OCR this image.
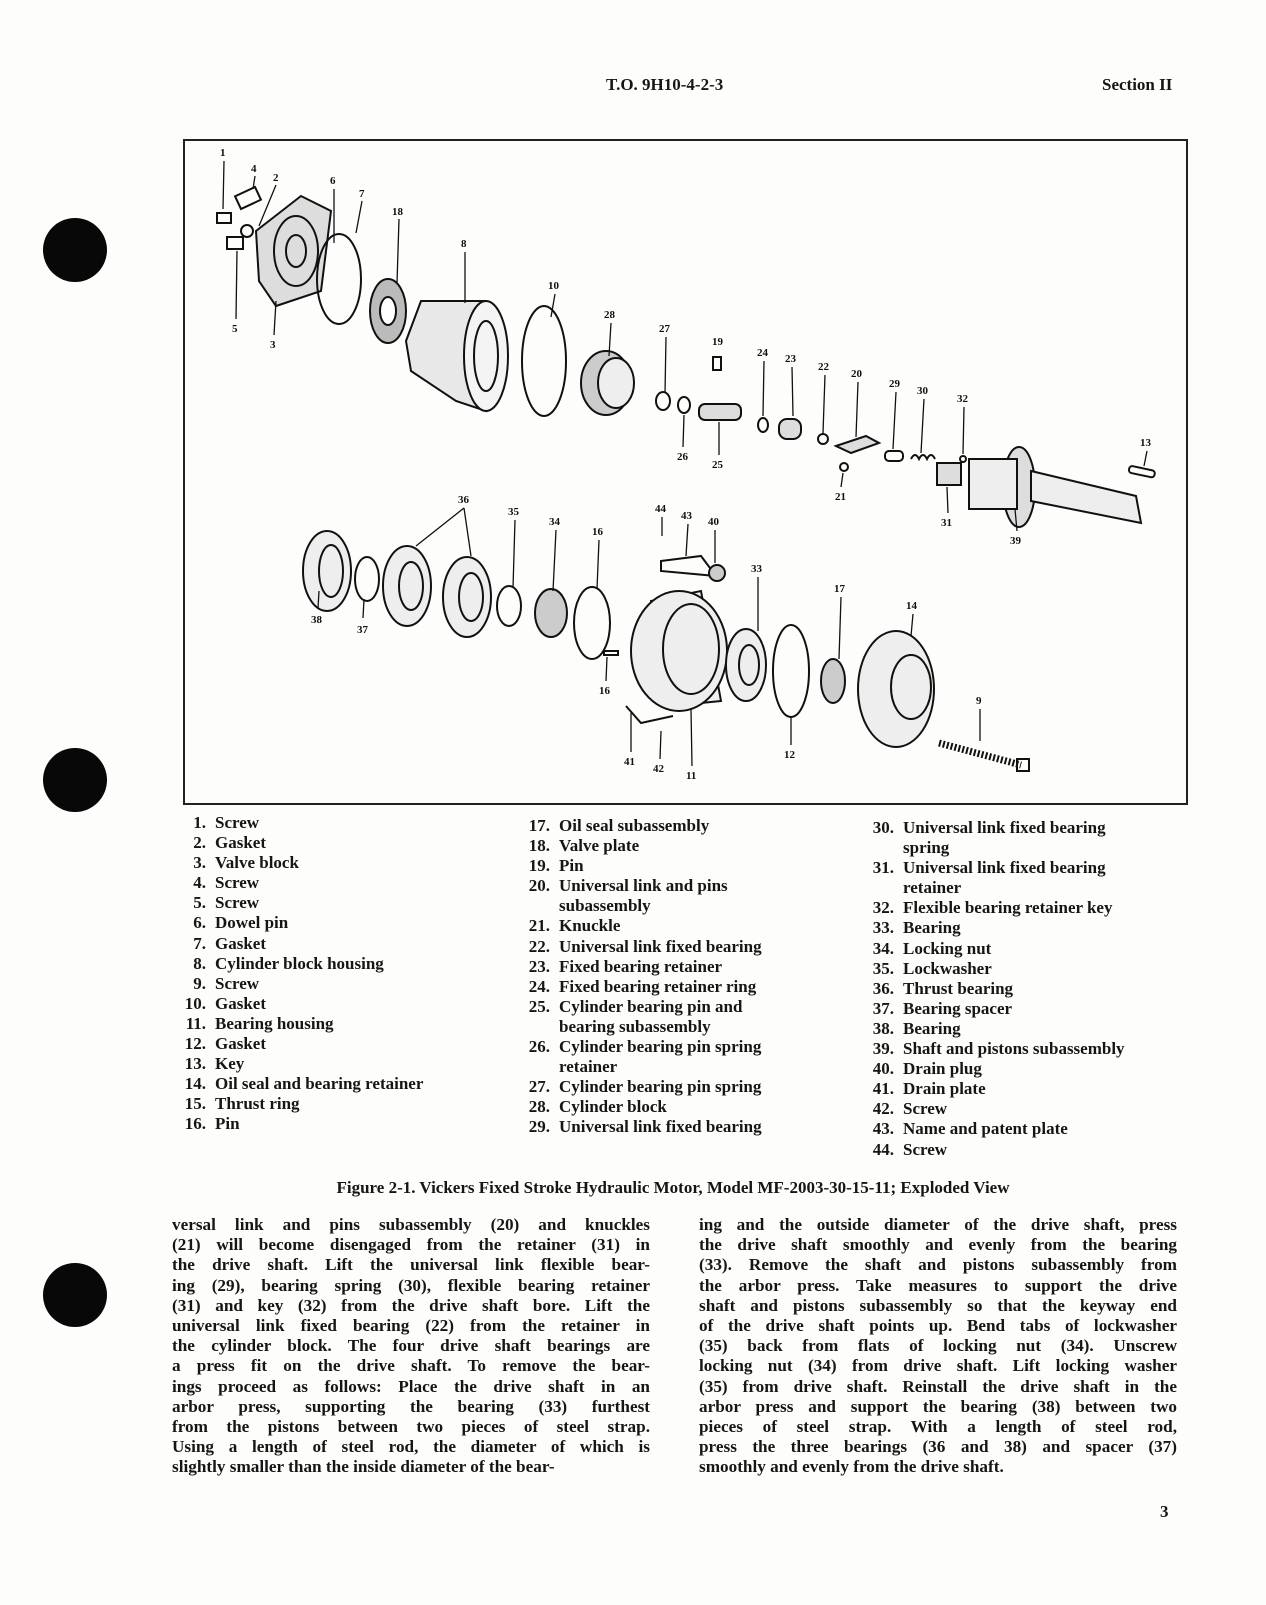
T.O. 9H10-4-2-3	Section II
1
4
2	6
7
18
8
5
3
10
28
27
19
24 23
22
20
29
30
32
13
26
25
21
31
39
36
35
34
16
44
43 40
33
17
14
38
37
16
9
12
41
42
11
1. Screw
2. Gasket
3. Valve block
4. Screw
5. Screw
6. Dowel pin
7. Gasket
8. Cylinder block housing
9. Screw
10. Gasket
11. Bearing housing
12. Gasket
13. Key
14. Oil seal and bearing retainer
15. Thrust ring
16. Pin
17. Oil seal subassembly
18. Valve plate
19. Pin
20. Universal link and pins
subassembly
21. Knuckle
22. Universal link fixed bearing
23. Fixed bearing retainer
24. Fixed bearing retainer ring
25. Cylinder bearing pin and
bearing subassembly
26. Cylinder bearing pin spring
retainer
27. Cylinder bearing pin spring
28. Cylinder block
29. Universal link fixed bearing
30. Universal link fixed bearing
spring
31. Universal link fixed bearing
retainer
32. Flexible bearing retainer key
33. Bearing
34. Locking nut
35. Lockwasher
36. Thrust bearing
37. Bearing spacer
38. Bearing
39. Shaft and pistons subassembly
40. Drain plug
41. Drain plate
42. Screw
43. Name and patent plate
44. Screw
Figure 2-1. Vickers Fixed Stroke Hydraulic Motor, Model MF-2003-30-15-11; Exploded View
versal link and pins subassembly (20) and knuckles
(21) will become disengaged from the retainer (31) in
the drive shaft. Lift the universal link flexible bear-
ing (29), bearing spring (30), flexible bearing retainer
(31) and key (32) from the drive shaft bore. Lift the
universal link fixed bearing (22) from the retainer in
the cylinder block. The four drive shaft bearings are
a press fit on the drive shaft. To remove the bear-
ings proceed as follows: Place the drive shaft in an
arbor press, supporting the bearing (33) furthest
from the pistons between two pieces of steel strap.
Using a length of steel rod, the diameter of which is
slightly smaller than the inside diameter of the bear-
ing and the outside diameter of the drive shaft, press
the drive shaft smoothly and evenly from the bearing
(33). Remove the shaft and pistons subassembly from
the arbor press. Take measures to support the drive
shaft and pistons subassembly so that the keyway end
of the drive shaft points up. Bend tabs of lockwasher
(35) back from flats of locking nut (34). Unscrew
locking nut (34) from drive shaft. Lift locking washer
(35) from drive shaft. Reinstall the drive shaft in the
arbor press and support the bearing (38) between two
pieces of steel strap. With a length of steel rod,
press the three bearings (36 and 38) and spacer (37)
smoothly and evenly from the drive shaft.
3
